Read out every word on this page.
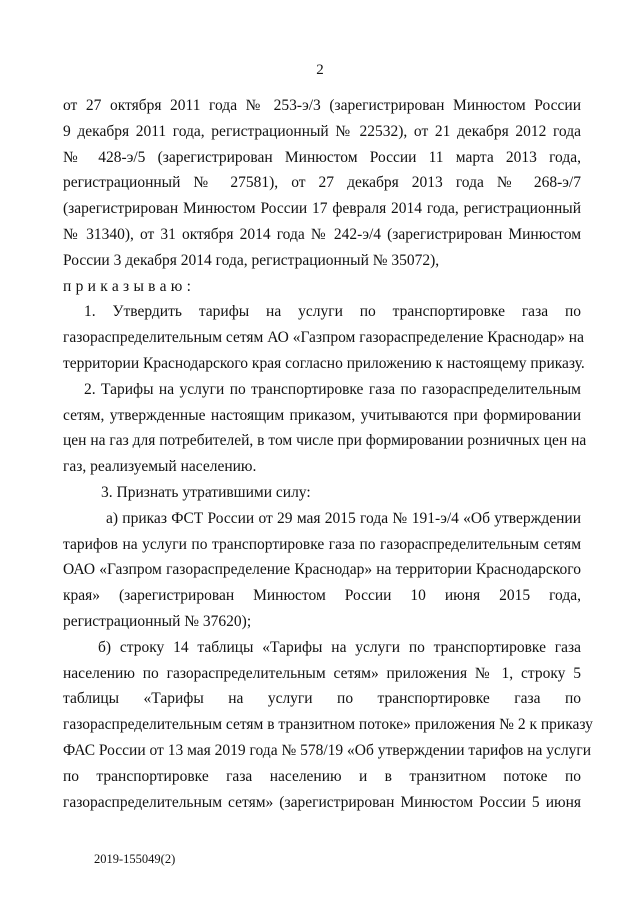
2
от 27 октября 2011 года № 253-э/3 (зарегистрирован Минюстом России
9 декабря 2011 года, регистрационный № 22532), от 21 декабря 2012 года
№ 428-э/5 (зарегистрирован Минюстом России 11 марта 2013 года,
регистрационный № 27581), от 27 декабря 2013 года № 268-э/7
(зарегистрирован Минюстом России 17 февраля 2014 года, регистрационный
№ 31340), от 31 октября 2014 года № 242-э/4 (зарегистрирован Минюстом
России 3 декабря 2014 года, регистрационный № 35072),
приказываю:
1. Утвердить тарифы на услуги по транспортировке газа по
газораспределительным сетям АО «Газпром газораспределение Краснодар» на
территории Краснодарского края согласно приложению к настоящему приказу.
2. Тарифы на услуги по транспортировке газа по газораспределительным
сетям, утвержденные настоящим приказом, учитываются при формировании
цен на газ для потребителей, в том числе при формировании розничных цен на
газ, реализуемый населению.
3. Признать утратившими силу:
а) приказ ФСТ России от 29 мая 2015 года № 191-э/4 «Об утверждении
тарифов на услуги по транспортировке газа по газораспределительным сетям
ОАО «Газпром газораспределение Краснодар» на территории Краснодарского
края» (зарегистрирован Минюстом России 10 июня 2015 года,
регистрационный № 37620);
б) строку 14 таблицы «Тарифы на услуги по транспортировке газа
населению по газораспределительным сетям» приложения № 1, строку 5
таблицы «Тарифы на услуги по транспортировке газа по
газораспределительным сетям в транзитном потоке» приложения № 2 к приказу
ФАС России от 13 мая 2019 года № 578/19 «Об утверждении тарифов на услуги
по транспортировке газа населению и в транзитном потоке по
газораспределительным сетям» (зарегистрирован Минюстом России 5 июня
2019-155049(2)
